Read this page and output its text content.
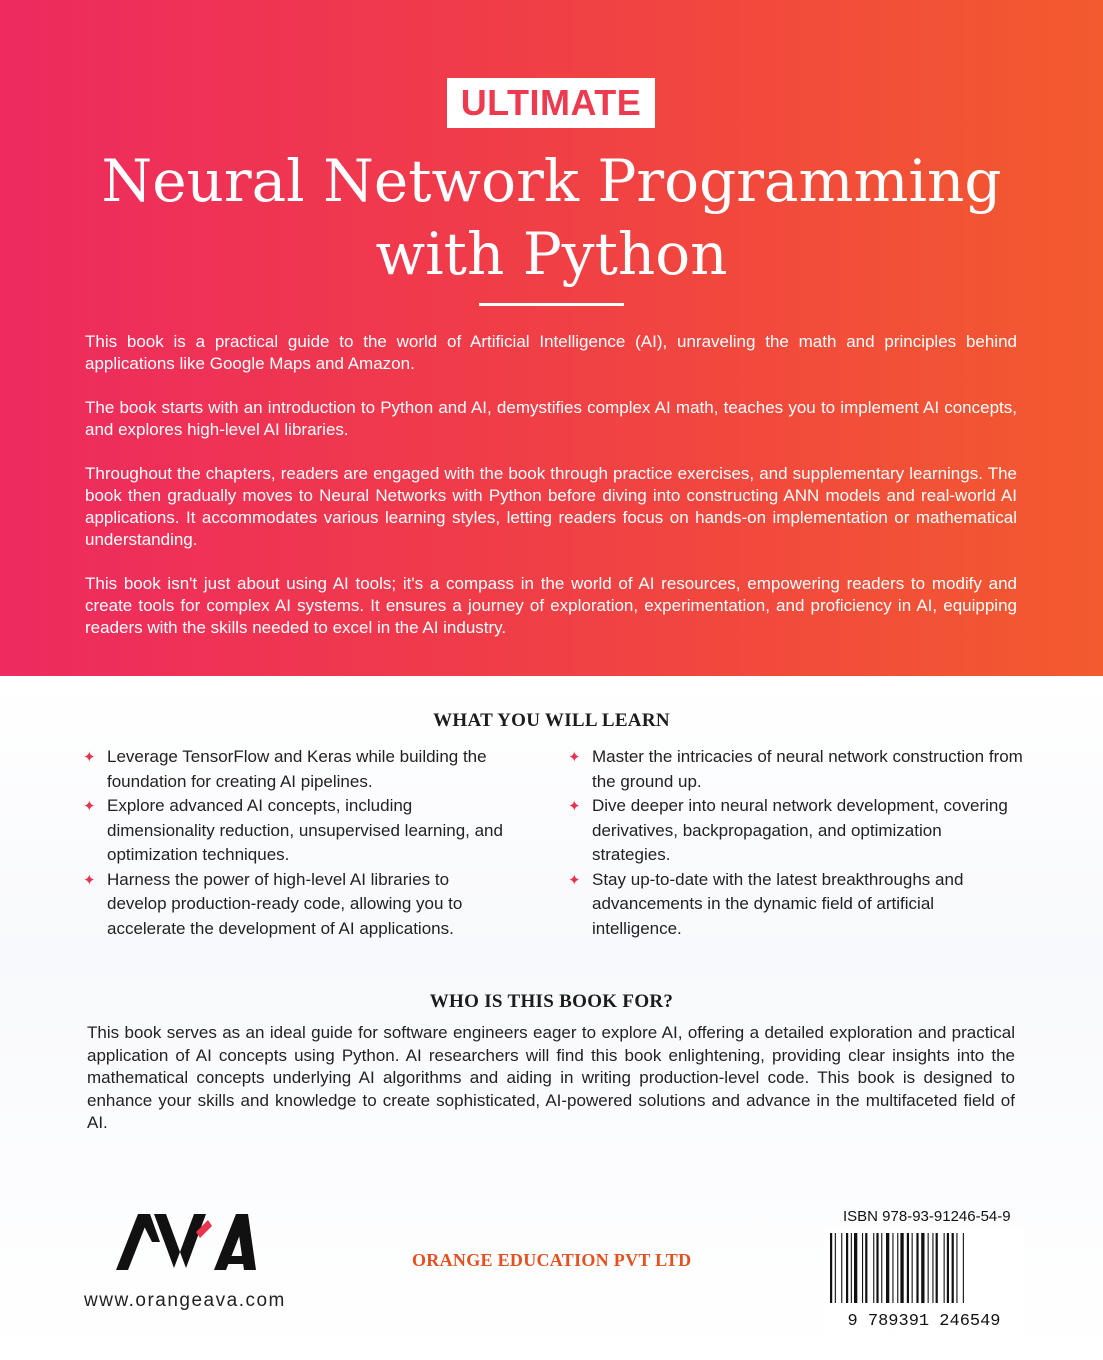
ULTIMATE
Neural Network Programming
with Python
This book is a practical guide to the world of Artificial Intelligence (AI), unraveling the math and principles behind applications like Google Maps and Amazon.
The book starts with an introduction to Python and AI, demystifies complex AI math, teaches you to implement AI concepts, and explores high-level AI libraries.
Throughout the chapters, readers are engaged with the book through practice exercises, and supplementary learnings. The book then gradually moves to Neural Networks with Python before diving into constructing ANN models and real-world AI applications. It accommodates various learning styles, letting readers focus on hands-on implementation or mathematical understanding.
This book isn't just about using AI tools; it's a compass in the world of AI resources, empowering readers to modify and create tools for complex AI systems. It ensures a journey of exploration, experimentation, and proficiency in AI, equipping readers with the skills needed to excel in the AI industry.
WHAT YOU WILL LEARN
✦ Leverage TensorFlow and Keras while building the foundation for creating AI pipelines.
✦ Explore advanced AI concepts, including dimensionality reduction, unsupervised learning, and optimization techniques.
✦ Harness the power of high-level AI libraries to develop production-ready code, allowing you to accelerate the development of AI applications.
✦ Master the intricacies of neural network construction from the ground up.
✦ Dive deeper into neural network development, covering derivatives, backpropagation, and optimization strategies.
✦ Stay up-to-date with the latest breakthroughs and advancements in the dynamic field of artificial intelligence.
WHO IS THIS BOOK FOR?
This book serves as an ideal guide for software engineers eager to explore AI, offering a detailed exploration and practical application of AI concepts using Python. AI researchers will find this book enlightening, providing clear insights into the mathematical concepts underlying AI algorithms and aiding in writing production-level code. This book is designed to enhance your skills and knowledge to create sophisticated, AI-powered solutions and advance in the multifaceted field of AI.
www.orangeava.com
ORANGE EDUCATION PVT LTD
ISBN 978-93-91246-54-9
9 789391 246549
